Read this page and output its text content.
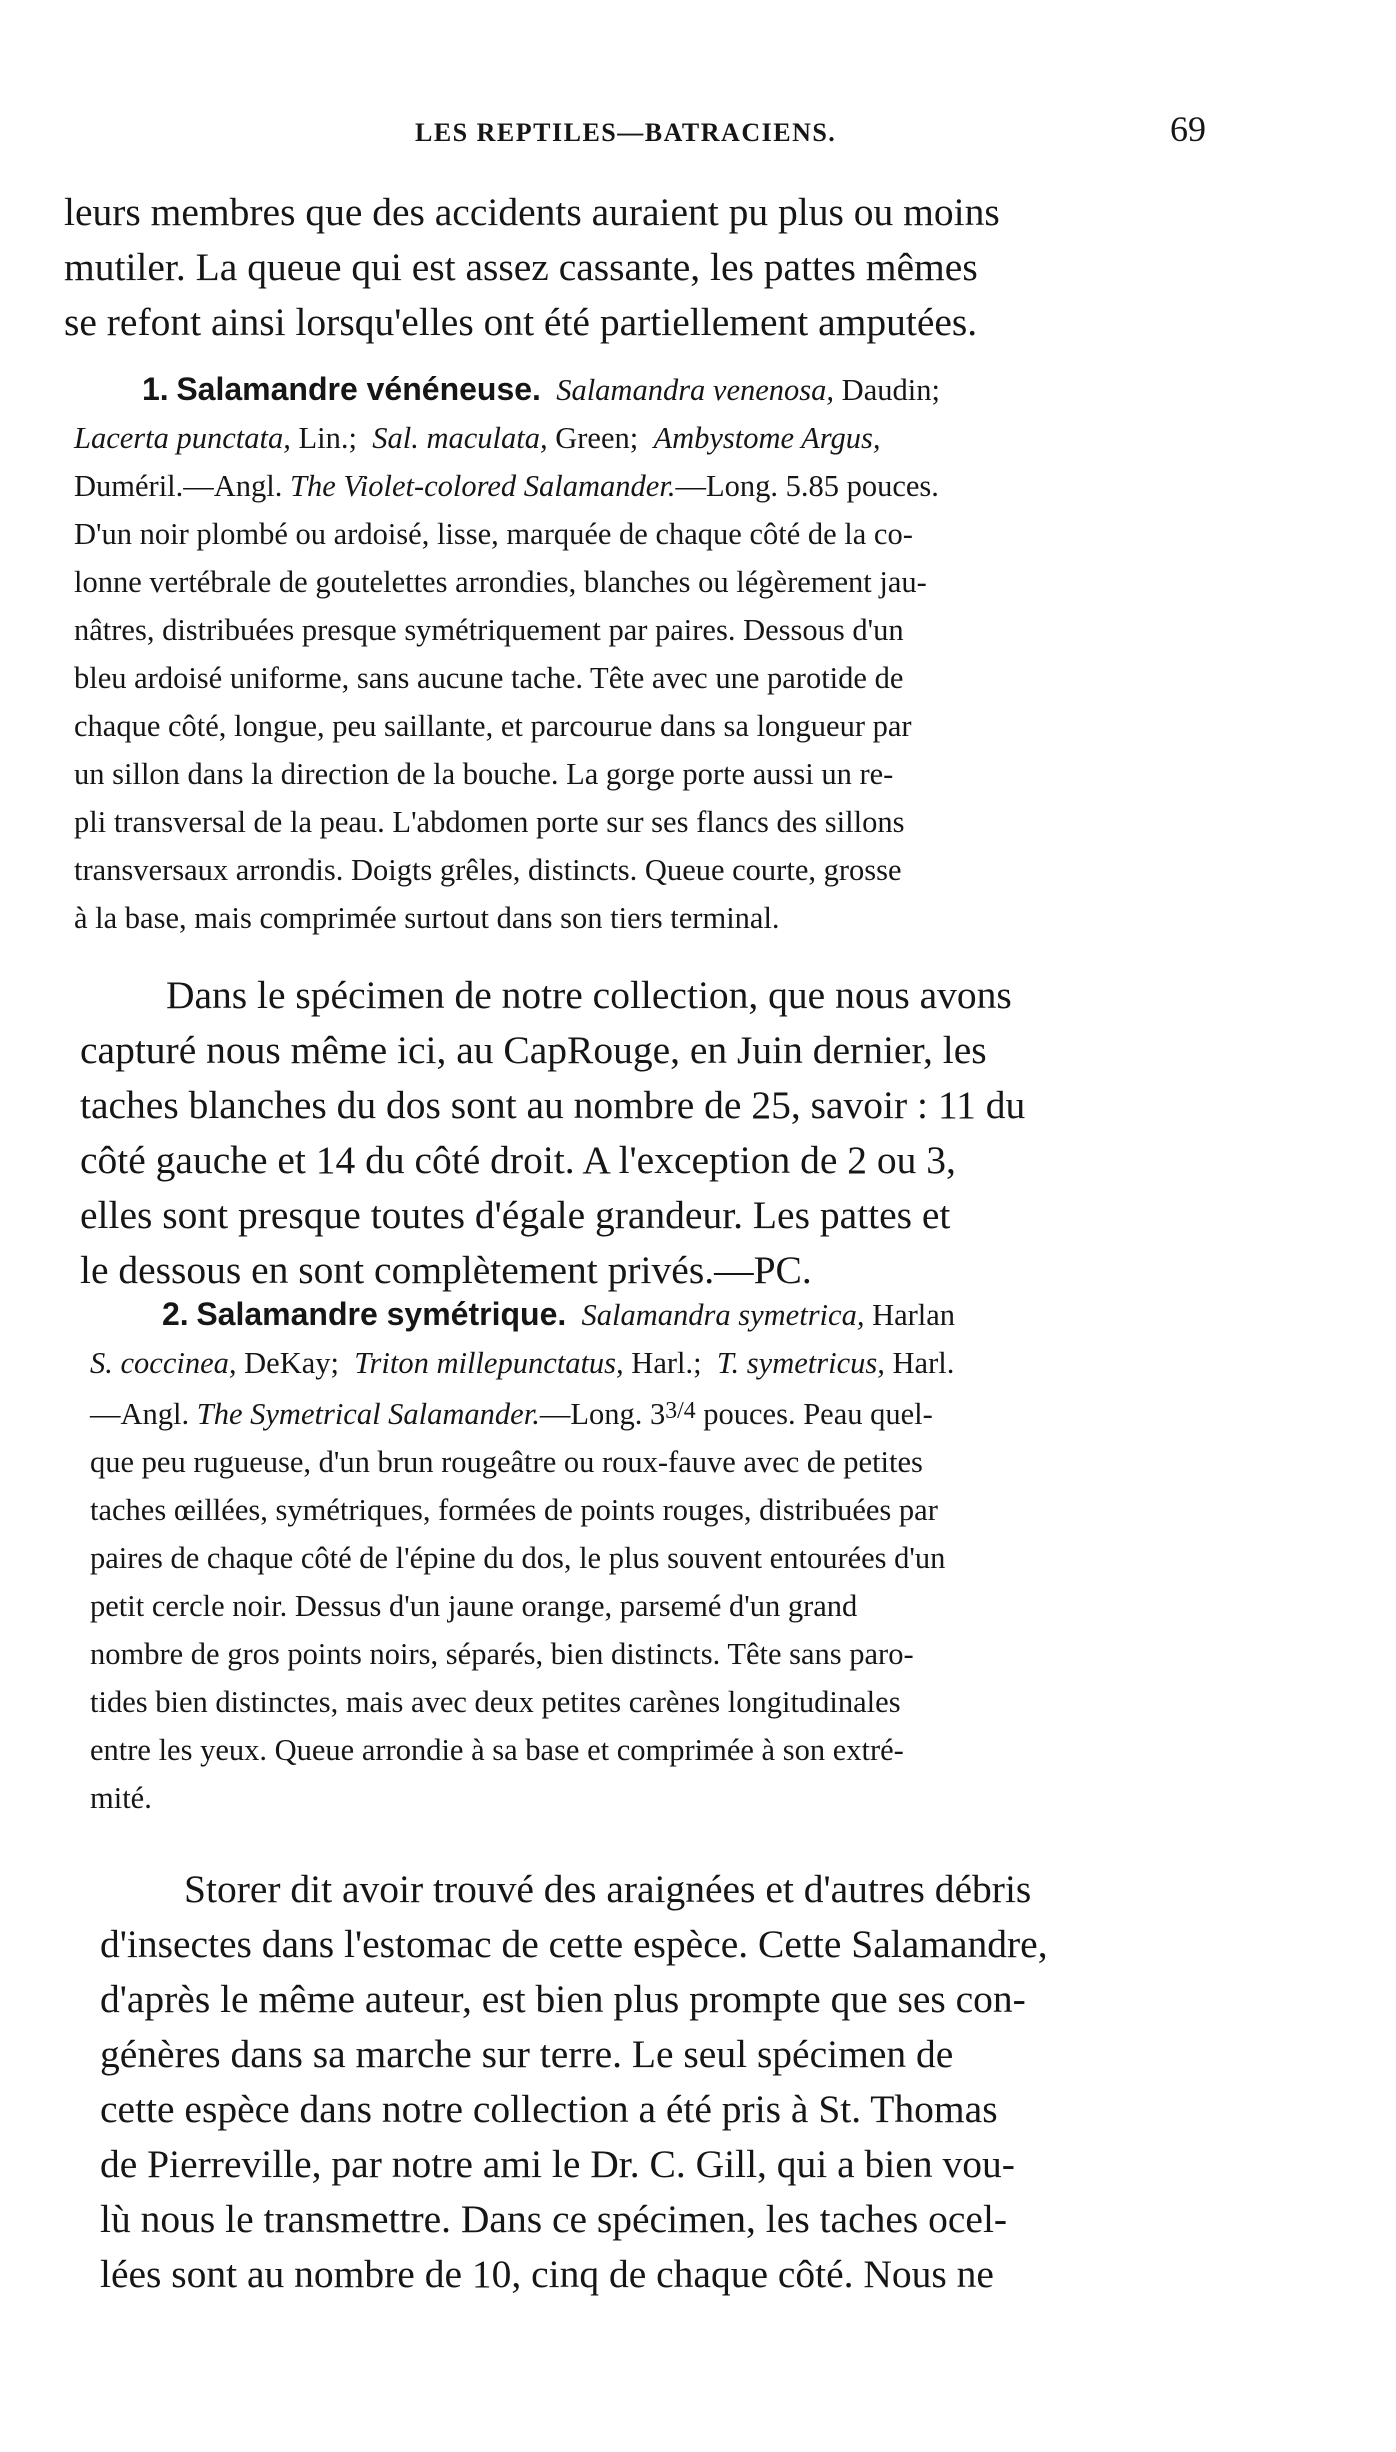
LES REPTILES—BATRACIENS.	69
leurs membres que des accidents auraient pu plus ou moins
mutiler. La queue qui est assez cassante, les pattes mêmes
se refont ainsi lorsqu'elles ont été partiellement amputées.
1. Salamandre vénéneuse. Salamandra venenosa, Daudin;
Lacerta punctata, Lin.; Sal. maculata, Green; Ambystome Argus,
Duméril.—Angl. The Violet-colored Salamander.—Long. 5.85 pouces.
D'un noir plombé ou ardoisé, lisse, marquée de chaque côté de la co-
lonne vertébrale de goutelettes arrondies, blanches ou légèrement jau-
nâtres, distribuées presque symétriquement par paires. Dessous d'un
bleu ardoisé uniforme, sans aucune tache. Tête avec une parotide de
chaque côté, longue, peu saillante, et parcourue dans sa longueur par
un sillon dans la direction de la bouche. La gorge porte aussi un re-
pli transversal de la peau. L'abdomen porte sur ses flancs des sillons
transversaux arrondis. Doigts grêles, distincts. Queue courte, grosse
à la base, mais comprimée surtout dans son tiers terminal.
Dans le spécimen de notre collection, que nous avons
capturé nous même ici, au CapRouge, en Juin dernier, les
taches blanches du dos sont au nombre de 25, savoir : 11 du
côté gauche et 14 du côté droit. A l'exception de 2 ou 3,
elles sont presque toutes d'égale grandeur. Les pattes et
le dessous en sont complètement privés.—PC.
2. Salamandre symétrique. Salamandra symetrica, Harlan
S. coccinea, DeKay; Triton millepunctatus, Harl.; T. symetricus, Harl.
—Angl. The Symetrical Salamander.—Long. 33/4 pouces. Peau quel-
que peu rugueuse, d'un brun rougeâtre ou roux-fauve avec de petites
taches œillées, symétriques, formées de points rouges, distribuées par
paires de chaque côté de l'épine du dos, le plus souvent entourées d'un
petit cercle noir. Dessus d'un jaune orange, parsemé d'un grand
nombre de gros points noirs, séparés, bien distincts. Tête sans paro-
tides bien distinctes, mais avec deux petites carènes longitudinales
entre les yeux. Queue arrondie à sa base et comprimée à son extré-
mité.
Storer dit avoir trouvé des araignées et d'autres débris
d'insectes dans l'estomac de cette espèce. Cette Salamandre,
d'après le même auteur, est bien plus prompte que ses con-
génères dans sa marche sur terre. Le seul spécimen de
cette espèce dans notre collection a été pris à St. Thomas
de Pierreville, par notre ami le Dr. C. Gill, qui a bien vou-
lù nous le transmettre. Dans ce spécimen, les taches ocel-
lées sont au nombre de 10, cinq de chaque côté. Nous ne
